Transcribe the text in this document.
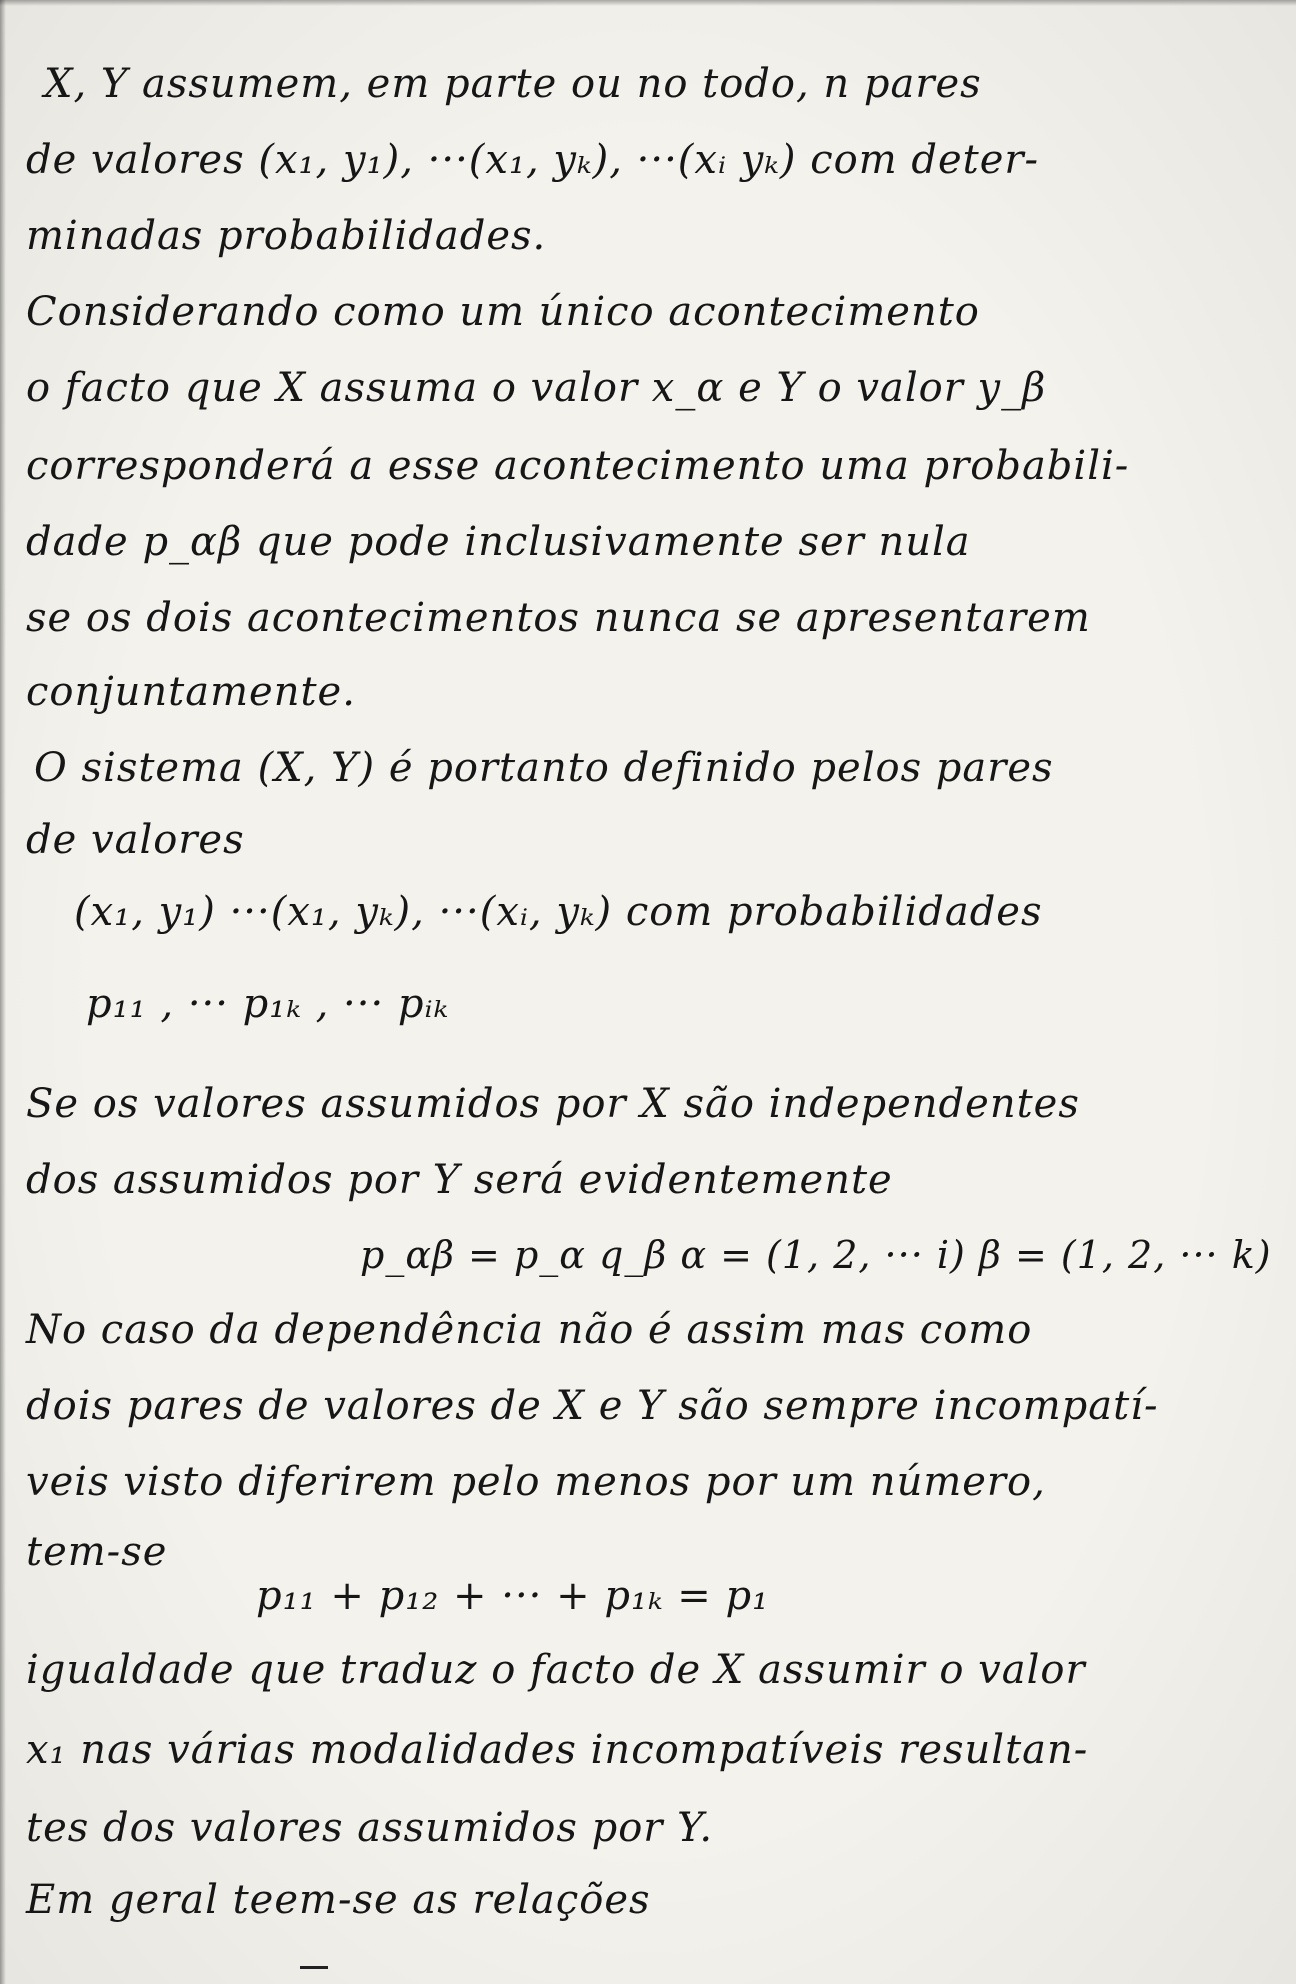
X, Y assumem, em parte ou no todo, n pares
de valores (x₁, y₁), ···(x₁, yₖ), ···(xᵢ yₖ) com deter-
minadas probabilidades.
Considerando como um único acontecimento
o facto que X assuma o valor x_α e Y o valor y_β
corresponderá a esse acontecimento uma probabili-
dade p_αβ que pode inclusivamente ser nula
se os dois acontecimentos nunca se apresentarem
conjuntamente.
O sistema (X, Y) é portanto definido pelos pares
de valores
(x₁, y₁) ···(x₁, yₖ), ···(xᵢ, yₖ) com probabilidades
p₁₁ , ··· p₁ₖ , ··· pᵢₖ
Se os valores assumidos por X são independentes
dos assumidos por Y será evidentemente
p_αβ = p_α q_β α = (1, 2, ··· i) β = (1, 2, ··· k)
No caso da dependência não é assim mas como
dois pares de valores de X e Y são sempre incompatí-
veis visto diferirem pelo menos por um número,
tem-se
p₁₁ + p₁₂ + ··· + p₁ₖ = p₁
igualdade que traduz o facto de X assumir o valor
x₁ nas várias modalidades incompatíveis resultan-
tes dos valores assumidos por Y.
Em geral teem-se as relações
